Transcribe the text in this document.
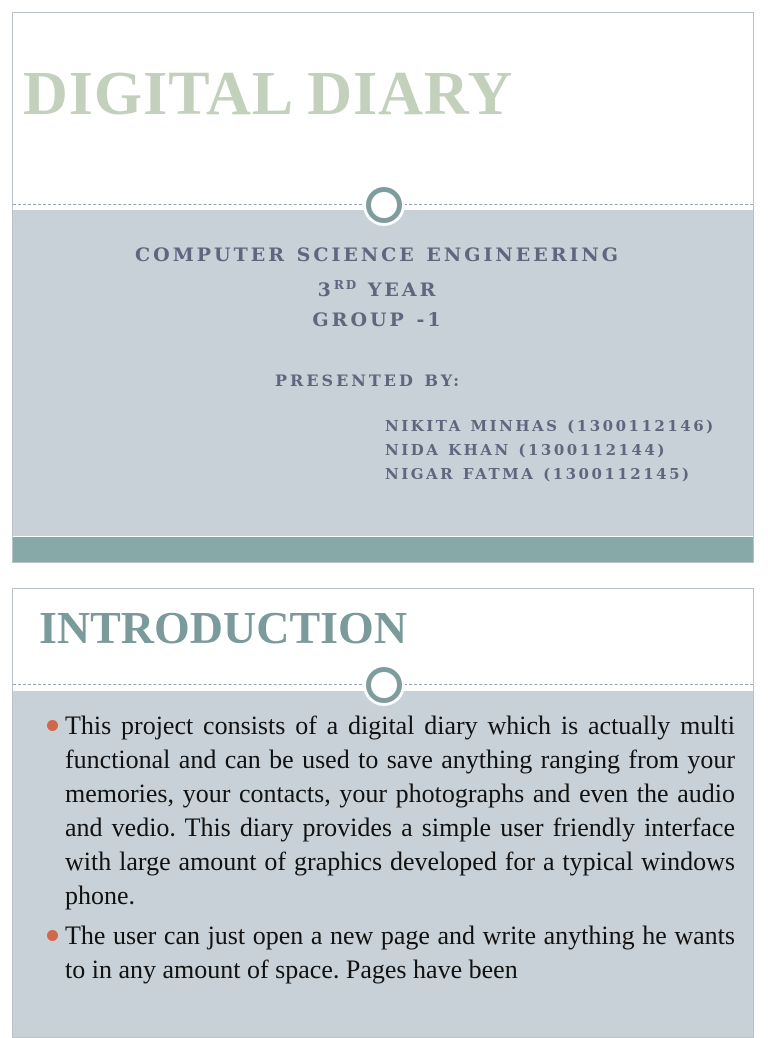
DIGITAL DIARY
COMPUTER SCIENCE ENGINEERING
3RD YEAR
GROUP -1
PRESENTED BY:
NIKITA MINHAS (1300112146)
NIDA KHAN (1300112144)
NIGAR FATMA (1300112145)
INTRODUCTION
This project consists of a digital diary which is actually multi functional and can be used to save anything ranging from your memories, your contacts, your photographs and even the audio and vedio. This diary provides a simple user friendly interface with large amount of graphics developed for a typical windows phone.
The user can just open a new page and write anything he wants to in any amount of space. Pages have been
